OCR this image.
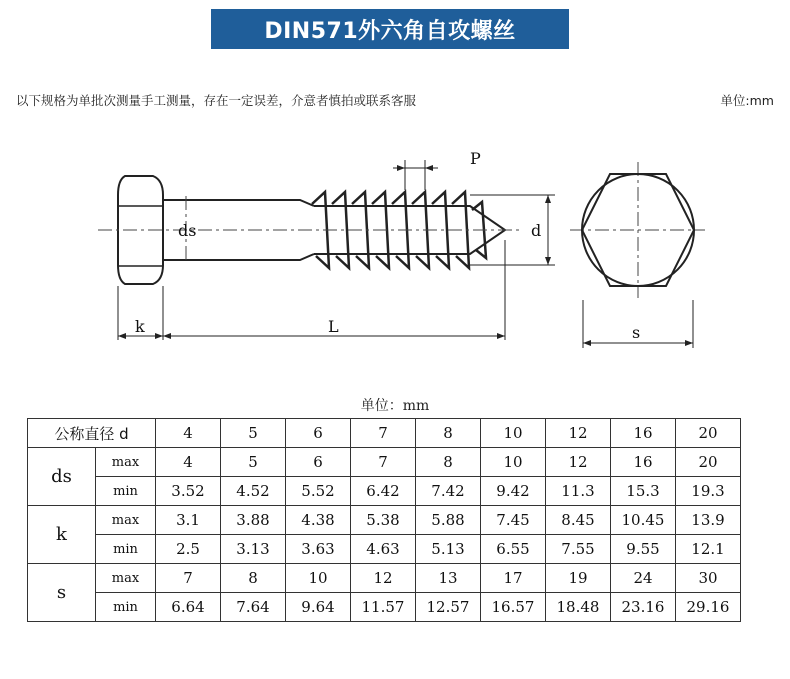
DIN571外六角自攻螺丝
以下规格为单批次测量手工测量，存在一定误差，介意者慎拍或联系客服	单位:mm
P
d
ds
k	L	s
单位：mm
公称直径 d		4	5	6	7	8	10	12	16	20
ds	max	4	5	6	7	8	10	12	16	20
	min	3.52	4.52	5.52	6.42	7.42	9.42	11.3	15.3	19.3
k	max	3.1	3.88	4.38	5.38	5.88	7.45	8.45	10.45	13.9
	min	2.5	3.13	3.63	4.63	5.13	6.55	7.55	9.55	12.1
s	max	7	8	10	12	13	17	19	24	30
	min	6.64	7.64	9.64	11.57	12.57	16.57	18.48	23.16	29.16
